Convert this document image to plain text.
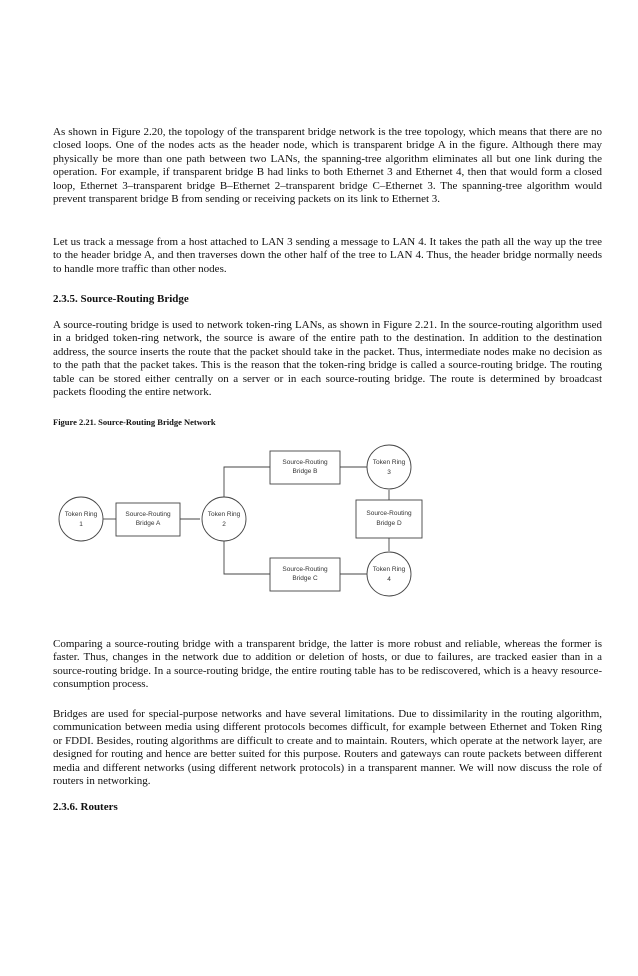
As shown in Figure 2.20, the topology of the transparent bridge network is the tree topology, which means that there are no closed loops. One of the nodes acts as the header node, which is transparent bridge A in the figure. Although there may physically be more than one path between two LANs, the spanning-tree algorithm eliminates all but one link during the operation. For example, if transparent bridge B had links to both Ethernet 3 and Ethernet 4, then that would form a closed loop, Ethernet 3–transparent bridge B–Ethernet 2–transparent bridge C–Ethernet 3. The spanning-tree algorithm would prevent transparent bridge B from sending or receiving packets on its link to Ethernet 3.

Let us track a message from a host attached to LAN 3 sending a message to LAN 4. It takes the path all the way up the tree to the header bridge A, and then traverses down the other half of the tree to LAN 4. Thus, the header bridge normally needs to handle more traffic than other nodes.

2.3.5. Source-Routing Bridge

A source-routing bridge is used to network token-ring LANs, as shown in Figure 2.21. In the source-routing algorithm used in a bridged token-ring network, the source is aware of the entire path to the destination. In addition to the destination address, the source inserts the route that the packet should take in the packet. Thus, intermediate nodes make no decision as to the path that the packet takes. This is the reason that the token-ring bridge is called a source-routing bridge. The routing table can be stored either centrally on a server or in each source-routing bridge. The route is determined by broadcast packets flooding the entire network.

Figure 2.21. Source-Routing Bridge Network

Token Ring
1
Source-Routing
Bridge A
Token Ring
2
Source-Routing
Bridge B
Token Ring
3
Source-Routing
Bridge D
Source-Routing
Bridge C
Token Ring
4

Comparing a source-routing bridge with a transparent bridge, the latter is more robust and reliable, whereas the former is faster. Thus, changes in the network due to addition or deletion of hosts, or due to failures, are tracked easier than in a source-routing bridge. In a source-routing bridge, the entire routing table has to be rediscovered, which is a heavy resource-consumption process.

Bridges are used for special-purpose networks and have several limitations. Due to dissimilarity in the routing algorithm, communication between media using different protocols becomes difficult, for example between Ethernet and Token Ring or FDDI. Besides, routing algorithms are difficult to create and to maintain. Routers, which operate at the network layer, are designed for routing and hence are better suited for this purpose. Routers and gateways can route packets between different media and different networks (using different network protocols) in a transparent manner. We will now discuss the role of routers in networking.

2.3.6. Routers
